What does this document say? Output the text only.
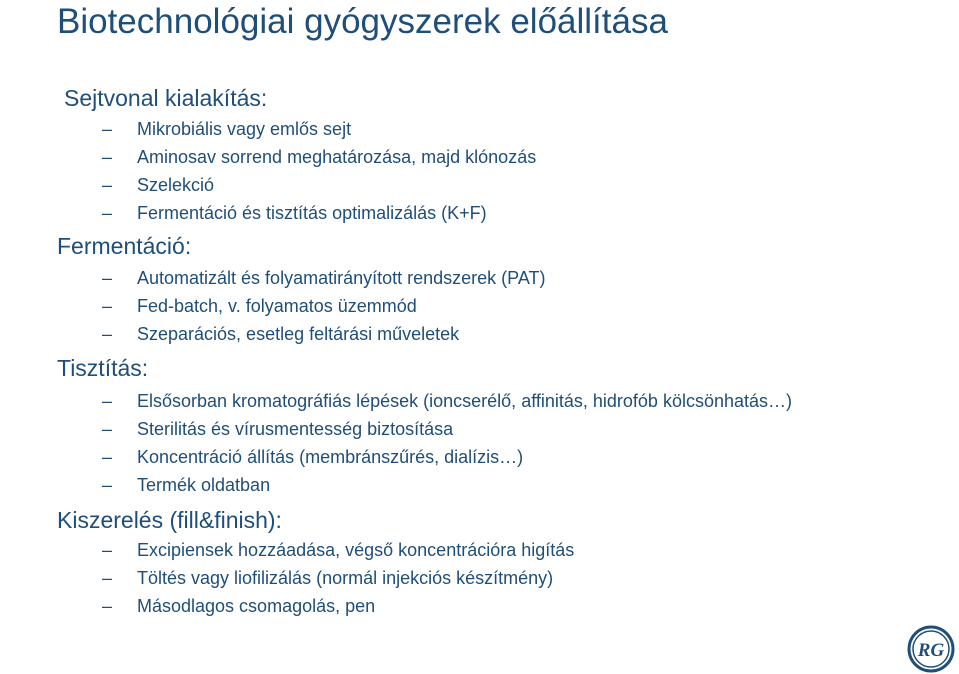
Biotechnológiai gyógyszerek előállítása
Sejtvonal kialakítás:
–	Mikrobiális vagy emlős sejt
–	Aminosav sorrend meghatározása, majd klónozás
–	Szelekció
–	Fermentáció és tisztítás optimalizálás (K+F)
Fermentáció:
–	Automatizált és folyamatirányított rendszerek (PAT)
–	Fed-batch, v. folyamatos üzemmód
–	Szeparációs, esetleg feltárási műveletek
Tisztítás:
–	Elsősorban kromatográfiás lépések (ioncserélő, affinitás, hidrofób kölcsönhatás…)
–	Sterilitás és vírusmentesség biztosítása
–	Koncentráció állítás (membránszűrés, dialízis…)
–	Termék oldatban
Kiszerelés (fill&finish):
–	Excipiensek hozzáadása, végső koncentrációra higítás
–	Töltés vagy liofilizálás (normál injekciós készítmény)
–	Másodlagos csomagolás, pen
RG
